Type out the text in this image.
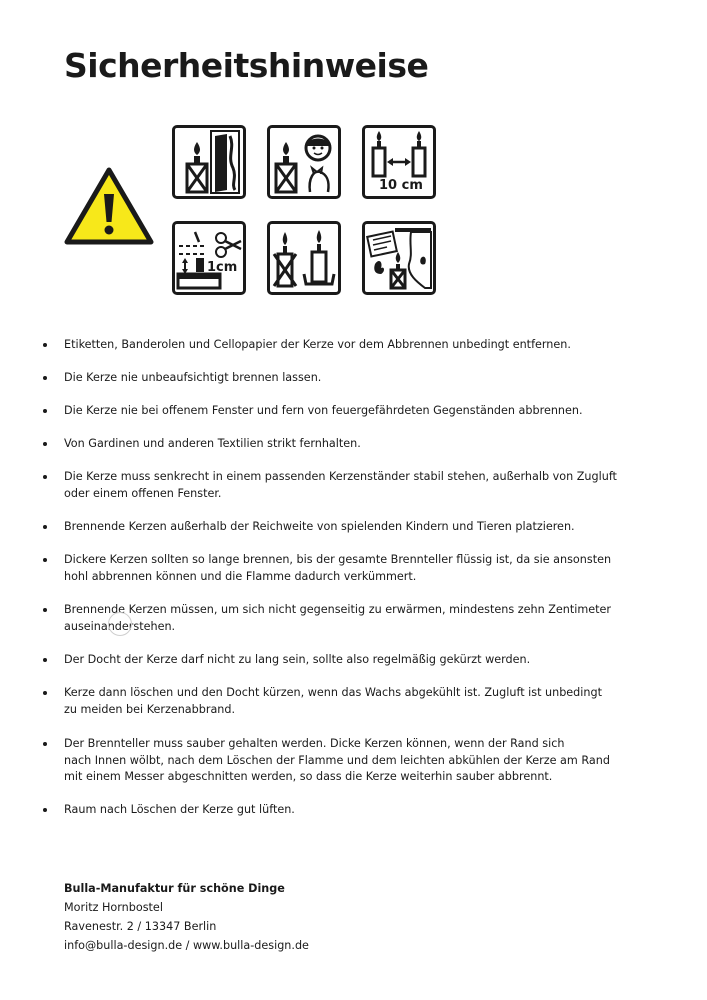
Sicherheitshinweise
10 cm
1cm
Etiketten, Banderolen und Cellopapier der Kerze vor dem Abbrennen unbedingt entfernen.
Die Kerze nie unbeaufsichtigt brennen lassen.
Die Kerze nie bei offenem Fenster und fern von feuergefährdeten Gegenständen abbrennen.
Von Gardinen und anderen Textilien strikt fernhalten.
Die Kerze muss senkrecht in einem passenden Kerzenständer stabil stehen, außerhalb von Zugluft
oder einem offenen Fenster.
Brennende Kerzen außerhalb der Reichweite von spielenden Kindern und Tieren platzieren.
Dickere Kerzen sollten so lange brennen, bis der gesamte Brennteller flüssig ist, da sie ansonsten
hohl abbrennen können und die Flamme dadurch verkümmert.
Brennende Kerzen müssen, um sich nicht gegenseitig zu erwärmen, mindestens zehn Zentimeter
auseinanderstehen.
Der Docht der Kerze darf nicht zu lang sein, sollte also regelmäßig gekürzt werden.
Kerze dann löschen und den Docht kürzen, wenn das Wachs abgekühlt ist. Zugluft ist unbedingt
zu meiden bei Kerzenabbrand.
Der Brennteller muss sauber gehalten werden. Dicke Kerzen können, wenn der Rand sich
nach Innen wölbt, nach dem Löschen der Flamme und dem leichten abkühlen der Kerze am Rand
mit einem Messer abgeschnitten werden, so dass die Kerze weiterhin sauber abbrennt.
Raum nach Löschen der Kerze gut lüften.
Bulla-Manufaktur für schöne Dinge
Moritz Hornbostel
Ravenestr. 2 / 13347 Berlin
info@bulla-design.de / www.bulla-design.de
